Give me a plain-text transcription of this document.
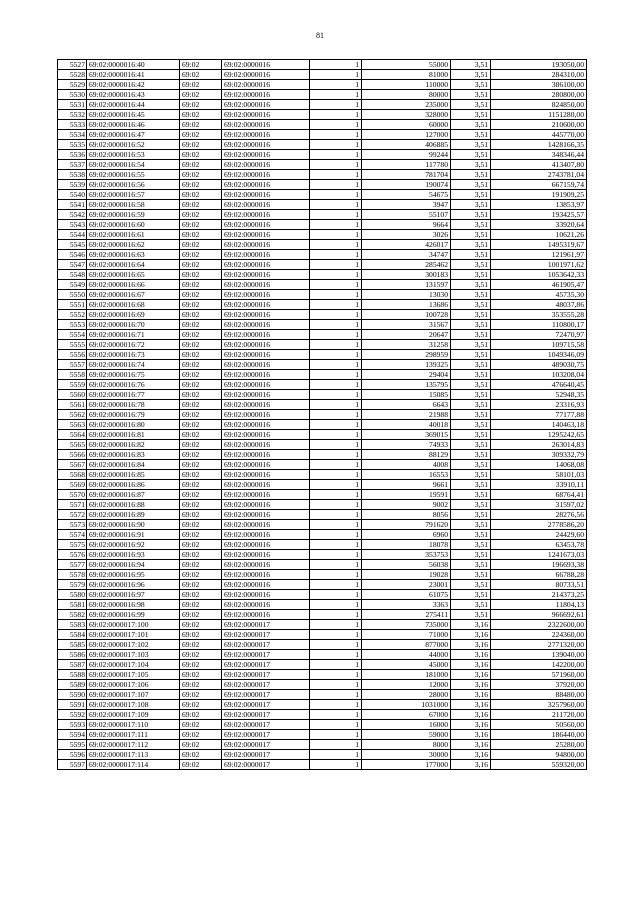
81
5527	69:02:0000016:40	69:02	69:02:0000016	1	55000	3,51	193050,00
5528	69:02:0000016:41	69:02	69:02:0000016	1	81000	3,51	284310,00
5529	69:02:0000016:42	69:02	69:02:0000016	1	110000	3,51	386100,00
5530	69:02:0000016:43	69:02	69:02:0000016	1	80000	3,51	280800,00
5531	69:02:0000016:44	69:02	69:02:0000016	1	235000	3,51	824850,00
5532	69:02:0000016:45	69:02	69:02:0000016	1	328000	3,51	1151280,00
5533	69:02:0000016:46	69:02	69:02:0000016	1	60000	3,51	210600,00
5534	69:02:0000016:47	69:02	69:02:0000016	1	127000	3,51	445770,00
5535	69:02:0000016:52	69:02	69:02:0000016	1	406885	3,51	1428166,35
5536	69:02:0000016:53	69:02	69:02:0000016	1	99244	3,51	348346,44
5537	69:02:0000016:54	69:02	69:02:0000016	1	117780	3,51	413407,80
5538	69:02:0000016:55	69:02	69:02:0000016	1	781704	3,51	2743781,04
5539	69:02:0000016:56	69:02	69:02:0000016	1	190074	3,51	667159,74
5540	69:02:0000016:57	69:02	69:02:0000016	1	54675	3,51	191909,25
5541	69:02:0000016:58	69:02	69:02:0000016	1	3947	3,51	13853,97
5542	69:02:0000016:59	69:02	69:02:0000016	1	55107	3,51	193425,57
5543	69:02:0000016:60	69:02	69:02:0000016	1	9664	3,51	33920,64
5544	69:02:0000016:61	69:02	69:02:0000016	1	3026	3,51	10621,26
5545	69:02:0000016:62	69:02	69:02:0000016	1	426017	3,51	1495319,67
5546	69:02:0000016:63	69:02	69:02:0000016	1	34747	3,51	121961,97
5547	69:02:0000016:64	69:02	69:02:0000016	1	285462	3,51	1001971,62
5548	69:02:0000016:65	69:02	69:02:0000016	1	300183	3,51	1053642,33
5549	69:02:0000016:66	69:02	69:02:0000016	1	131597	3,51	461905,47
5550	69:02:0000016:67	69:02	69:02:0000016	1	13030	3,51	45735,30
5551	69:02:0000016:68	69:02	69:02:0000016	1	13686	3,51	48037,86
5552	69:02:0000016:69	69:02	69:02:0000016	1	100728	3,51	353555,28
5553	69:02:0000016:70	69:02	69:02:0000016	1	31567	3,51	110800,17
5554	69:02:0000016:71	69:02	69:02:0000016	1	20647	3,51	72470,97
5555	69:02:0000016:72	69:02	69:02:0000016	1	31258	3,51	109715,58
5556	69:02:0000016:73	69:02	69:02:0000016	1	298959	3,51	1049346,09
5557	69:02:0000016:74	69:02	69:02:0000016	1	139325	3,51	489030,75
5558	69:02:0000016:75	69:02	69:02:0000016	1	29404	3,51	103208,04
5559	69:02:0000016:76	69:02	69:02:0000016	1	135795	3,51	476640,45
5560	69:02:0000016:77	69:02	69:02:0000016	1	15085	3,51	52948,35
5561	69:02:0000016:78	69:02	69:02:0000016	1	6643	3,51	23316,93
5562	69:02:0000016:79	69:02	69:02:0000016	1	21988	3,51	77177,88
5563	69:02:0000016:80	69:02	69:02:0000016	1	40018	3,51	140463,18
5564	69:02:0000016:81	69:02	69:02:0000016	1	369015	3,51	1295242,65
5565	69:02:0000016:82	69:02	69:02:0000016	1	74933	3,51	263014,83
5566	69:02:0000016:83	69:02	69:02:0000016	1	88129	3,51	309332,79
5567	69:02:0000016:84	69:02	69:02:0000016	1	4008	3,51	14068,08
5568	69:02:0000016:85	69:02	69:02:0000016	1	16553	3,51	58101,03
5569	69:02:0000016:86	69:02	69:02:0000016	1	9661	3,51	33910,11
5570	69:02:0000016:87	69:02	69:02:0000016	1	19591	3,51	68764,41
5571	69:02:0000016:88	69:02	69:02:0000016	1	9002	3,51	31597,02
5572	69:02:0000016:89	69:02	69:02:0000016	1	8056	3,51	28276,56
5573	69:02:0000016:90	69:02	69:02:0000016	1	791620	3,51	2778586,20
5574	69:02:0000016:91	69:02	69:02:0000016	1	6960	3,51	24429,60
5575	69:02:0000016:92	69:02	69:02:0000016	1	18078	3,51	63453,78
5576	69:02:0000016:93	69:02	69:02:0000016	1	353753	3,51	1241673,03
5577	69:02:0000016:94	69:02	69:02:0000016	1	56038	3,51	196693,38
5578	69:02:0000016:95	69:02	69:02:0000016	1	19028	3,51	66788,28
5579	69:02:0000016:96	69:02	69:02:0000016	1	23001	3,51	80733,51
5580	69:02:0000016:97	69:02	69:02:0000016	1	61075	3,51	214373,25
5581	69:02:0000016:98	69:02	69:02:0000016	1	3363	3,51	11804,13
5582	69:02:0000016:99	69:02	69:02:0000016	1	275411	3,51	966692,61
5583	69:02:0000017:100	69:02	69:02:0000017	1	735000	3,16	2322600,00
5584	69:02:0000017:101	69:02	69:02:0000017	1	71000	3,16	224360,00
5585	69:02:0000017:102	69:02	69:02:0000017	1	877000	3,16	2771320,00
5586	69:02:0000017:103	69:02	69:02:0000017	1	44000	3,16	139040,00
5587	69:02:0000017:104	69:02	69:02:0000017	1	45000	3,16	142200,00
5588	69:02:0000017:105	69:02	69:02:0000017	1	181000	3,16	571960,00
5589	69:02:0000017:106	69:02	69:02:0000017	1	12000	3,16	37920,00
5590	69:02:0000017:107	69:02	69:02:0000017	1	28000	3,16	88480,00
5591	69:02:0000017:108	69:02	69:02:0000017	1	1031000	3,16	3257960,00
5592	69:02:0000017:109	69:02	69:02:0000017	1	67000	3,16	211720,00
5593	69:02:0000017:110	69:02	69:02:0000017	1	16000	3,16	50560,00
5594	69:02:0000017:111	69:02	69:02:0000017	1	59000	3,16	186440,00
5595	69:02:0000017:112	69:02	69:02:0000017	1	8000	3,16	25280,00
5596	69:02:0000017:113	69:02	69:02:0000017	1	30000	3,16	94800,00
5597	69:02:0000017:114	69:02	69:02:0000017	1	177000	3,16	559320,00
